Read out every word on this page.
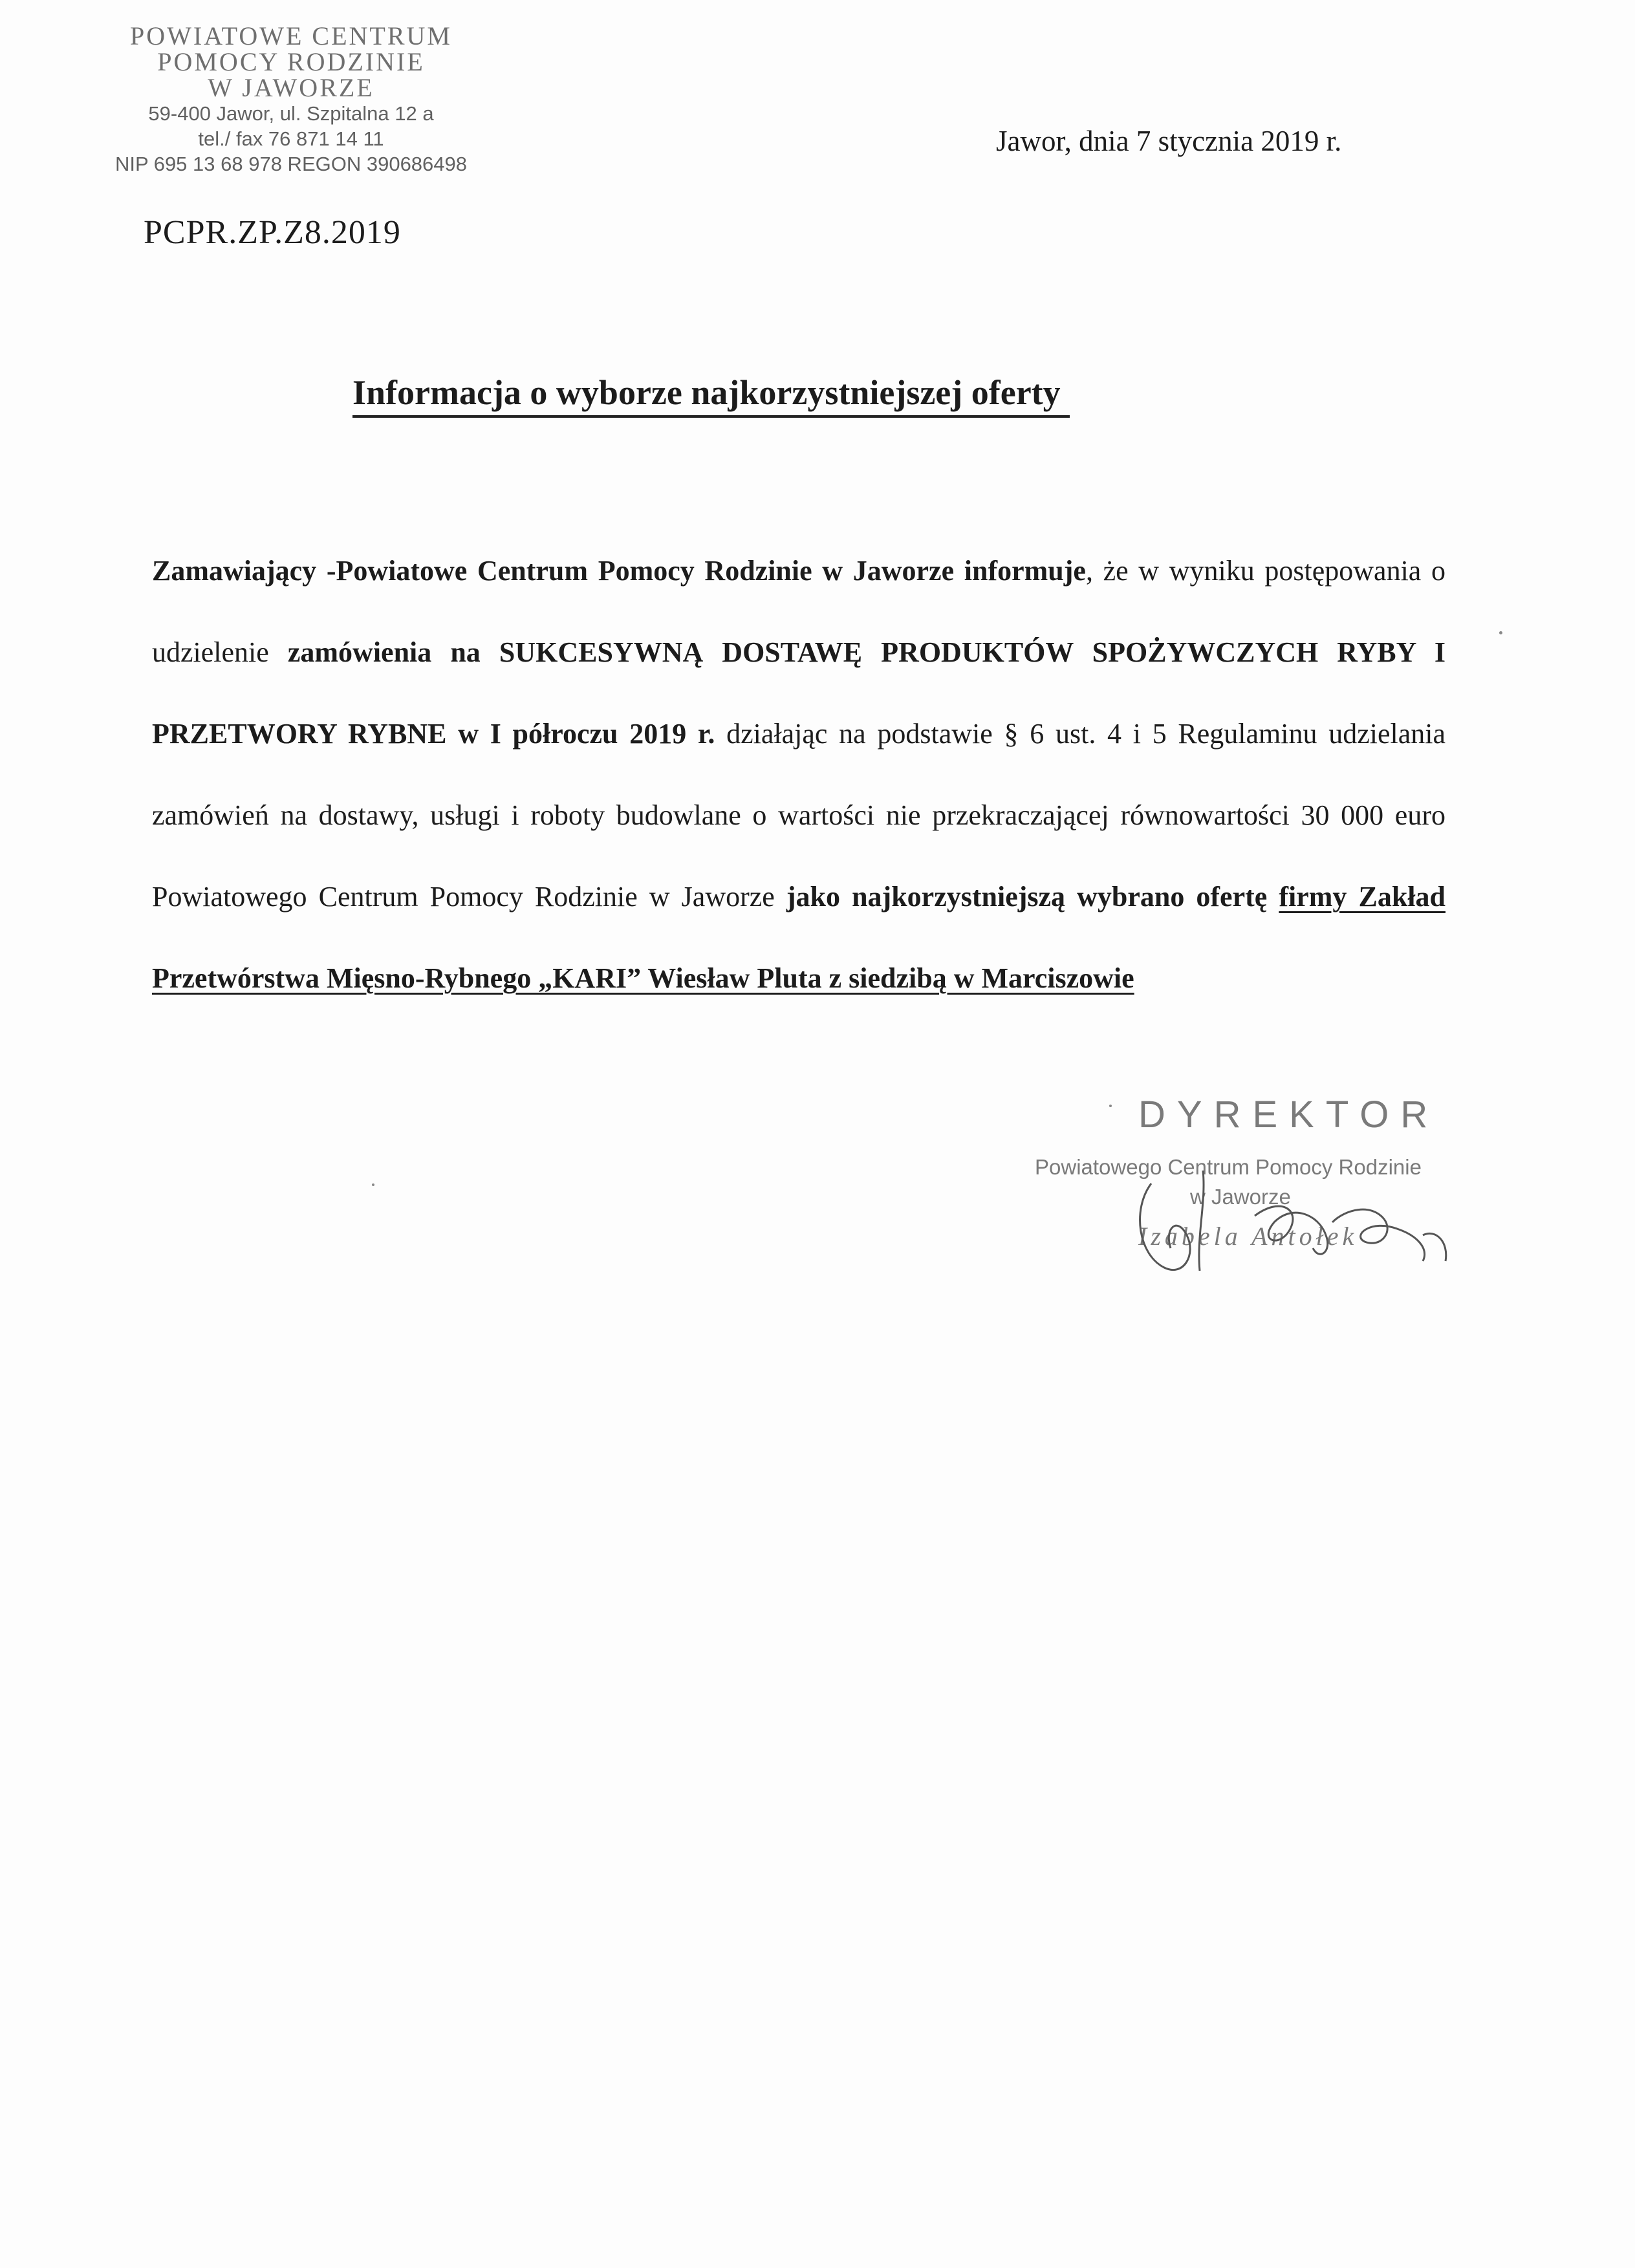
POWIATOWE CENTRUM
POMOCY RODZINIE
W JAWORZE
59-400 Jawor, ul. Szpitalna 12 a
tel./ fax 76 871 14 11
NIP 695 13 68 978 REGON 390686498
Jawor, dnia 7 stycznia 2019 r.
PCPR.ZP.Z8.2019
Informacja o wyborze najkorzystniejszej oferty
Zamawiający -Powiatowe Centrum Pomocy Rodzinie w Jaworze informuje, że w wyniku postępowania o udzielenie zamówienia na SUKCESYWNĄ DOSTAWĘ PRODUKTÓW SPOŻYWCZYCH RYBY I PRZETWORY RYBNE w I półroczu 2019 r. działając na podstawie § 6 ust. 4 i 5 Regulaminu udzielania zamówień na dostawy, usługi i roboty budowlane o wartości nie przekraczającej równowartości 30 000 euro Powiatowego Centrum Pomocy Rodzinie w Jaworze jako najkorzystniejszą wybrano ofertę firmy Zakład Przetwórstwa Mięsno-Rybnego „KARI” Wiesław Pluta z siedzibą w Marciszowie
DYREKTOR
Powiatowego Centrum Pomocy Rodzinie
w Jaworze
Izabela Antołek
